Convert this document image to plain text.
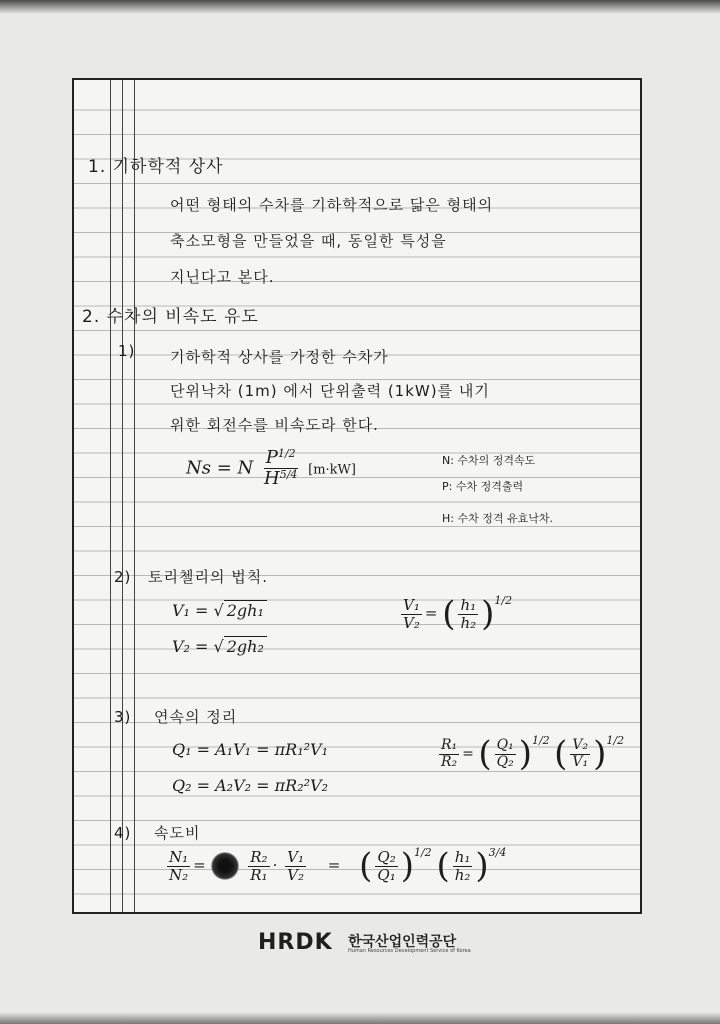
1. 기하학적 상사
어떤 형태의 수차를 기하학적으로 닮은 형태의
축소모형을 만들었을 때, 동일한 특성을
지닌다고 본다.
2. 수차의 비속도 유도
1) 기하학적 상사를 가정한 수차가
단위낙차 (1m) 에서 단위출력 (1kW)를 내기
위한 회전수를 비속도라 한다.
Ns = N $\frac{P^{1/2}}{H^{5/4}} [m\cdot kW]$
N: 수차의 정격속도
P: 수차 정격출력
H: 수차 정격 유효낙차.
2) 토리첼리의 법칙.
V₁ = √ 2gh₁
V₂ = √ 2gh₂
$\frac{\text{V₁}}{\text{V₂}}$ = ( $\frac{\text{h₁}}{\text{h₂}} )^{1/2}$
3) 연속의 정리
Q₁ = A₁V₁ = πR₁²V₁
Q₂ = A₂V₂ = πR₂²V₂
$\frac{\text{R₁}}{\text{R₂}}$ = ( $\frac{\text{Q₁}}{\text{Q₂}} )^{1/2}$ ( $\frac{\text{V₂}}{\text{V₁}} )^{1/2}$
4) 속도비
$\frac{\text{N₁}}{\text{N₂}}$ =	$\frac{\text{R₂}}{\text{R₁}} \cdot \frac{\text{V₁}}{\text{V₂}}$ = ( $\frac{\text{Q₂}}{\text{Q₁}} )^{1/2}$ ( $\frac{\text{h₁}}{\text{h₂}} )^{3/4}$
HRDK 한국산업인력공단
Human Resources Development Service of Korea
